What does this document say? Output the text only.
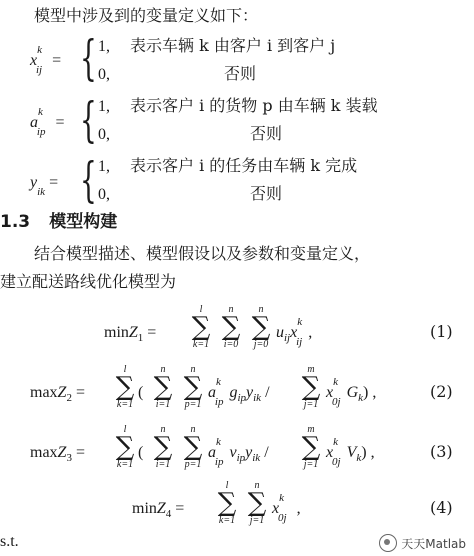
模型中涉及到的变量定义如下：
$x^k_{ij}$ = { 1, 表示车辆 k 由客户 i 到客户 j
0,	否则
$a^k_{ip}$ = { 1, 表示客户 i 的货物 p 由车辆 k 装载
0,	否则
$y_{ik}$ = { 1, 表示客户 i 的任务由车辆 k 完成
0,	否则
1.3 模型构建
结合模型描述、模型假设以及参数和变量定义，
建立配送路线优化模型为
minZ$_1$ =
l
∑
k=1
n
∑
i=0
n
∑
j=0
$u_{ij}x^k_{ij}$,	(1)
maxZ$_2$ =
l
∑
k=1
(
n
∑
i=1
n
∑
p=1
$a^k_{ip}g_{ip}y_{ik}$ /
m
∑
j=1
$x^k_{0j}G_k$) ,	(2)
maxZ$_3$ =
l
∑
k=1
(
n
∑
i=1
n
∑
p=1
$a^k_{ip}v_{ip}y_{ik}$ /
m
∑
j=1
$x^k_{0j}V_k$) ,	(3)
minZ$_4$ =
l
∑
k=1
n
∑
j=1
$x^k_{0j}$ ,	(4)
s.t.	天天Matlab
